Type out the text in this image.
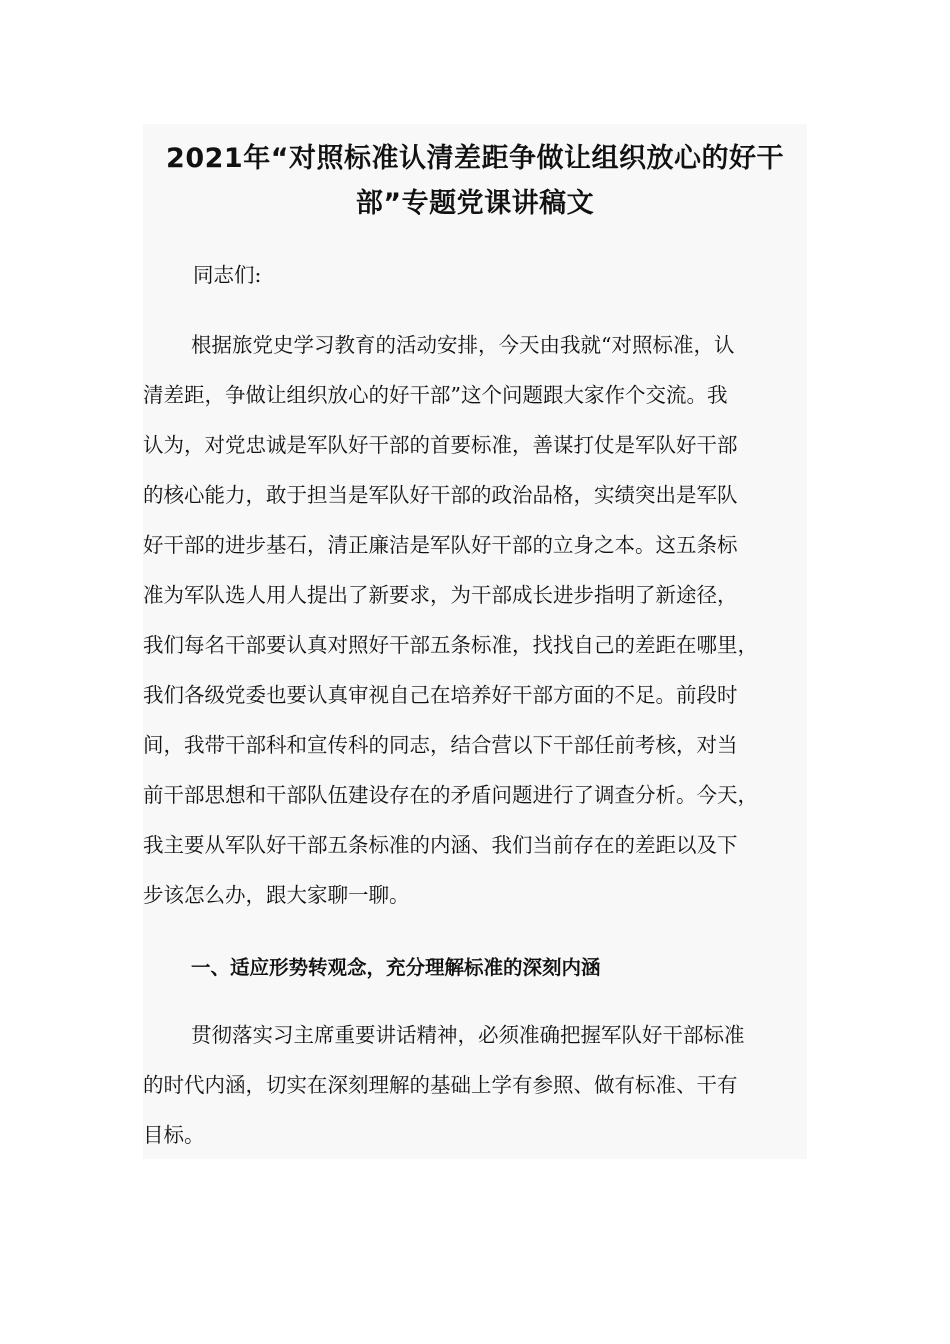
2021年“对照标准认清差距争做让组织放心的好干
部”专题党课讲稿文

同志们:

根据旅党史学习教育的活动安排，今天由我就“对照标准，认
清差距，争做让组织放心的好干部”这个问题跟大家作个交流。我
认为，对党忠诚是军队好干部的首要标准，善谋打仗是军队好干部
的核心能力，敢于担当是军队好干部的政治品格，实绩突出是军队
好干部的进步基石，清正廉洁是军队好干部的立身之本。这五条标
准为军队选人用人提出了新要求，为干部成长进步指明了新途径，
我们每名干部要认真对照好干部五条标准，找找自己的差距在哪里，
我们各级党委也要认真审视自己在培养好干部方面的不足。前段时
间，我带干部科和宣传科的同志，结合营以下干部任前考核，对当
前干部思想和干部队伍建设存在的矛盾问题进行了调查分析。今天，
我主要从军队好干部五条标准的内涵、我们当前存在的差距以及下
步该怎么办，跟大家聊一聊。

一、适应形势转观念，充分理解标准的深刻内涵

贯彻落实习主席重要讲话精神，必须准确把握军队好干部标准
的时代内涵，切实在深刻理解的基础上学有参照、做有标准、干有
目标。
